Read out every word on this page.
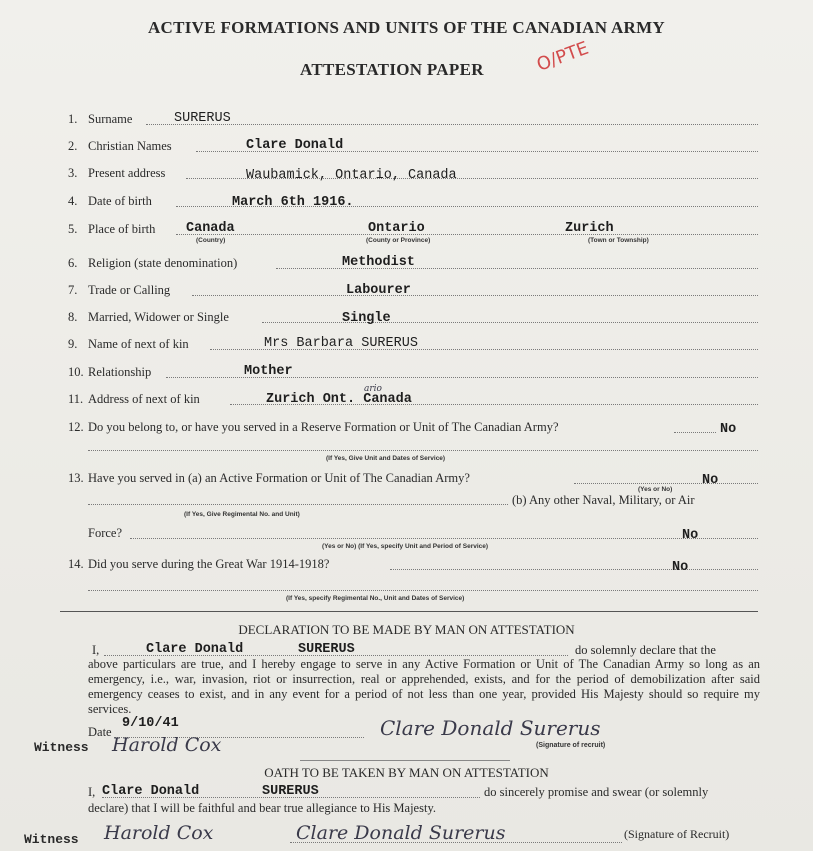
ACTIVE FORMATIONS AND UNITS OF THE CANADIAN ARMY
ATTESTATION PAPER	O/PTE
1. Surname	SURERUS
2. Christian Names	Clare Donald
3. Present address	Waubamick, Ontario, Canada
4. Date of birth	March 6th 1916.
5. Place of birth Canada
(Country)
Ontario
(County or Province)
Zurich
(Town or Township)
6. Religion (state denomination)	Methodist
7. Trade or Calling	Labourer
8. Married, Widower or Single	Single
9. Name of next of kin	Mrs Barbara SURERUS
10. Relationship	Mother
11. Address of next of kin	Zurich Ont. Canada
ario
12. Do you belong to, or have you served in a Reserve Formation or Unit of The Canadian Army?	No
(If Yes, Give Unit and Dates of Service)
13. Have you served in (a) an Active Formation or Unit of The Canadian Army?	No
(Yes or No)
(b) Any other Naval, Military, or Air
(If Yes, Give Regimental No. and Unit)
Force?	No
(Yes or No) (If Yes, specify Unit and Period of Service)
14. Did you serve during the Great War 1914-1918?	No
(If Yes, specify Regimental No., Unit and Dates of Service)
DECLARATION TO BE MADE BY MAN ON ATTESTATION
I,	Clare Donald	SURERUS	do solemnly declare that the
above particulars are true, and I hereby engage to serve in any Active Formation or Unit of The Canadian Army so long as an emergency, i.e., war, invasion, riot or insurrection, real or apprehended, exists, and for the period of demobilization after said emergency ceases to exist, and in any event for a period of not less than one year, provided His Majesty should so require my services.
Date
9/10/41	Clare Donald Surerus
(Signature of recruit)
Witness Harold Cox
OATH TO BE TAKEN BY MAN ON ATTESTATION
I, Clare Donald	SURERUS	do sincerely promise and swear (or solemnly
declare) that I will be faithful and bear true allegiance to His Majesty.
Witness Harold Cox	Clare Donald Surerus	(Signature of Recruit)
